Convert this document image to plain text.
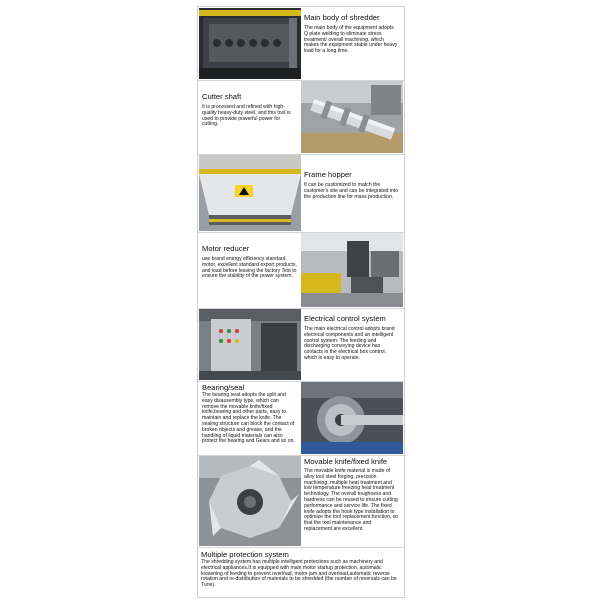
Main body of shredder
The main body of the equipment adopts Q plate welding to eliminate stress treatment/ overall machining, which makes the equipment stable under heavy load for a long time.
Cutter shaft
It is processed and refined with high-quality heavy-duty steel, and this tool is used to provide powerful power for cutting.
Frame hopper
It can be customized to match the customer's site and can be integrated into the production line for mass production.
Motor reducer
use brand energy efficiency standard motor, excellent standard export products, and load before leaving the factory Test to ensure the stability of the power system.
Electrical control system
The main electrical control adopts brand electrical components and an intelligent control system. The feeding and discharging conveying device has contacts in the electrical box control, which is easy to operate.
Bearing/seal
The bearing seat adopts the split and easy disassembly type, which can remove the movable knife/fixed knife,bearing and other parts, easy to maintain and replace the knife. The sealing structure can block the contact of broken objects and grease, and the handling of liquid materials can also protect the bearing and Gears and so on.
Movable knife/fixed knife
The movable knife material is made of alloy tool steel forging, precision machining, multiple heat treatment and low temperature freezing heat treatment technology. The overall toughness and hardness can be reused to ensure cutting performance and service life. The fixed knife adopts the hook type installation to optimize the tool replacement function, so that the tool maintenance and replacement are excellent.
Multiple protection system
The shredding system has multiple intelligent protections such as machinery and electrical appliances.It is equipped with main motor startup protection, automatic loosening of feeding to prevent overload, motor jam and overload,automatic reverse rotation and re-distribution of materials to be shredded (the number of reversals can be Tune).
